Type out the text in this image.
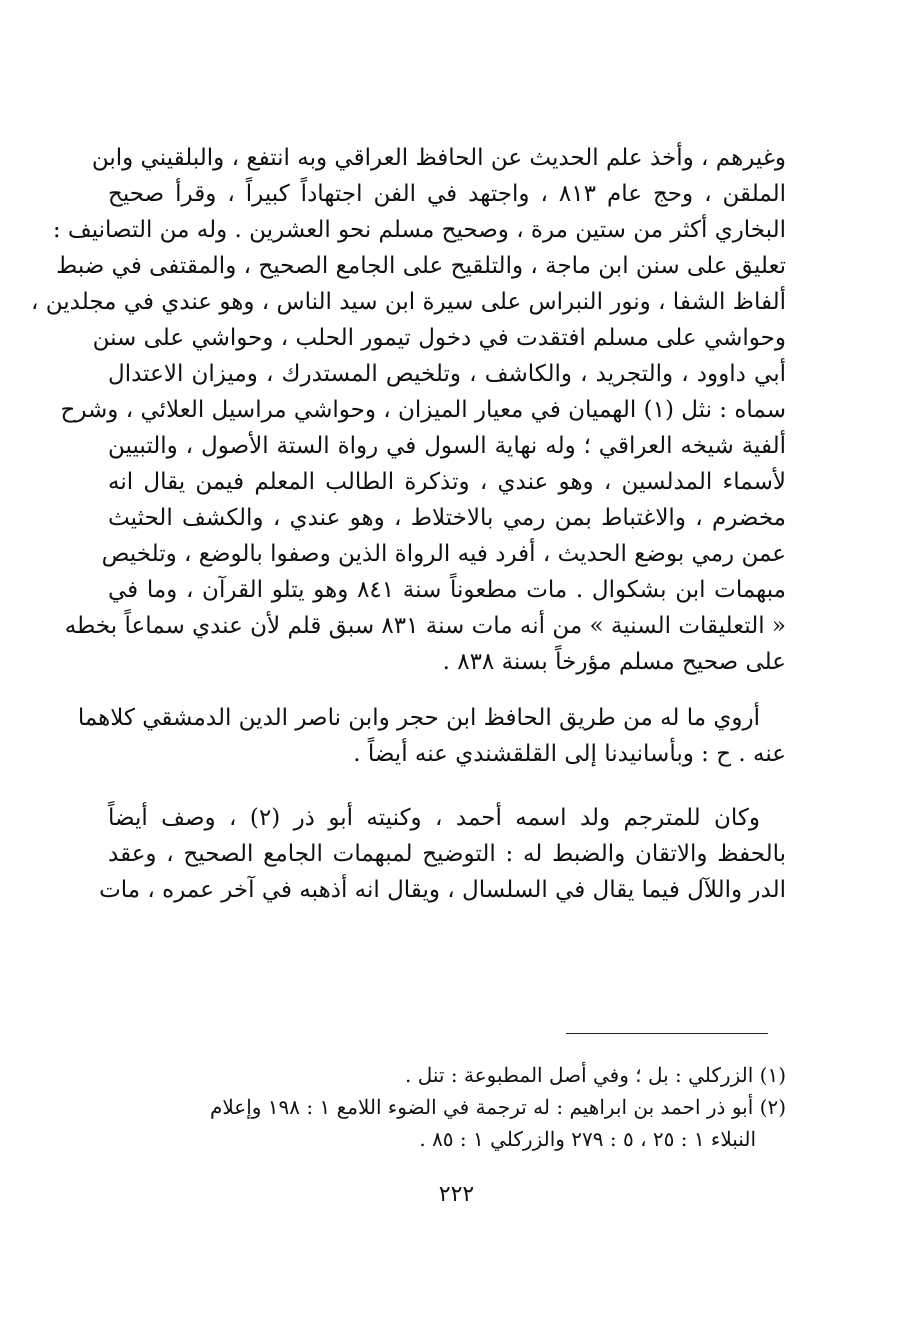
وغيرهم ، وأخذ علم الحديث عن الحافظ العراقي وبه انتفع ، والبلقيني وابن
الملقن ، وحج عام ٨١٣ ، واجتهد في الفن اجتهاداً كبيراً ، وقرأ صحيح
البخاري أكثر من ستين مرة ، وصحيح مسلم نحو العشرين . وله من التصانيف :
تعليق على سنن ابن ماجة ، والتلقيح على الجامع الصحيح ، والمقتفى في ضبط
ألفاظ الشفا ، ونور النبراس على سيرة ابن سيد الناس ، وهو عندي في مجلدين ،
وحواشي على مسلم افتقدت في دخول تيمور الحلب ، وحواشي على سنن
أبي داوود ، والتجريد ، والكاشف ، وتلخيص المستدرك ، وميزان الاعتدال
سماه : نثل (١) الهميان في معيار الميزان ، وحواشي مراسيل العلائي ، وشرح
ألفية شيخه العراقي ؛ وله نهاية السول في رواة الستة الأصول ، والتبيين
لأسماء المدلسين ، وهو عندي ، وتذكرة الطالب المعلم فيمن يقال انه
مخضرم ، والاغتباط بمن رمي بالاختلاط ، وهو عندي ، والكشف الحثيث
عمن رمي بوضع الحديث ، أفرد فيه الرواة الذين وصفوا بالوضع ، وتلخيص
مبهمات ابن بشكوال . مات مطعوناً سنة ٨٤١ وهو يتلو القرآن ، وما في
« التعليقات السنية » من أنه مات سنة ٨٣١ سبق قلم لأن عندي سماعاً بخطه
على صحيح مسلم مؤرخاً بسنة ٨٣٨ .
أروي ما له من طريق الحافظ ابن حجر وابن ناصر الدين الدمشقي كلاهما
عنه . ح : وبأسانيدنا إلى القلقشندي عنه أيضاً .
وكان للمترجم ولد اسمه أحمد ، وكنيته أبو ذر (٢) ، وصف أيضاً
بالحفظ والاتقان والضبط له : التوضيح لمبهمات الجامع الصحيح ، وعقد
الدر واللآل فيما يقال في السلسال ، ويقال انه أذهبه في آخر عمره ، مات
(١) الزركلي : بل ؛ وفي أصل المطبوعة : تنل .
(٢) أبو ذر احمد بن ابراهيم : له ترجمة في الضوء اللامع ١ : ١٩٨ وإعلام
النبلاء ١ : ٢٥ ، ٥ : ٢٧٩ والزركلي ١ : ٨٥ .
٢٢٢
